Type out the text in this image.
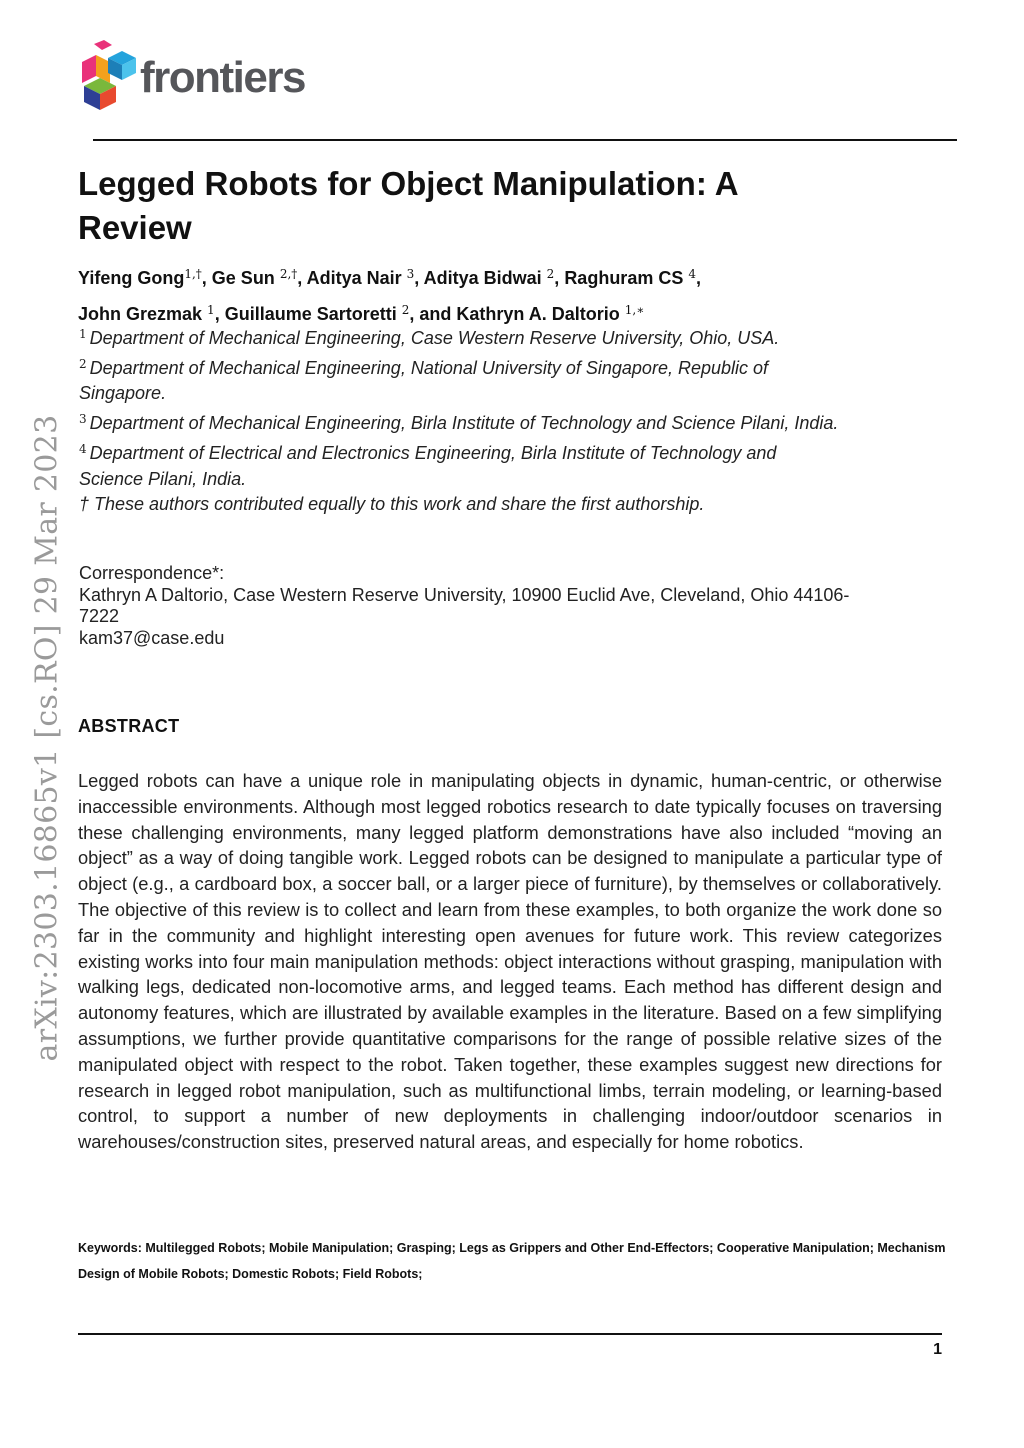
frontiers
Legged Robots for Object Manipulation: A Review
Yifeng Gong$^{1,\dagger}$, Ge Sun $^{2,\dagger}$, Aditya Nair $^3$, Aditya Bidwai $^2$, Raghuram CS $^4$,
John Grezmak $^1$, Guillaume Sartoretti $^2$, and Kathryn A. Daltorio $^{1,∗}$
$^1$ Department of Mechanical Engineering, Case Western Reserve University, Ohio, USA.
$^2$ Department of Mechanical Engineering, National University of Singapore, Republic of Singapore.
$^3$ Department of Mechanical Engineering, Birla Institute of Technology and Science Pilani, India.
$^4$ Department of Electrical and Electronics Engineering, Birla Institute of Technology and Science Pilani, India.
† These authors contributed equally to this work and share the first authorship.
Correspondence*:
Kathryn A Daltorio, Case Western Reserve University, 10900 Euclid Ave, Cleveland, Ohio 44106-7222
kam37@case.edu
arXiv:2303.16865v1 [cs.RO] 29 Mar 2023 ABSTRACT

Legged robots can have a unique role in manipulating objects in dynamic, human-centric, or otherwise inaccessible environments. Although most legged robotics research to date typically focuses on traversing these challenging environments, many legged platform demonstrations have also included “moving an object” as a way of doing tangible work. Legged robots can be designed to manipulate a particular type of object (e.g., a cardboard box, a soccer ball, or a larger piece of furniture), by themselves or collaboratively. The objective of this review is to collect and learn from these examples, to both organize the work done so far in the community and highlight interesting open avenues for future work. This review categorizes existing works into four main manipulation methods: object interactions without grasping, manipulation with walking legs, dedicated non-locomotive arms, and legged teams. Each method has different design and autonomy features, which are illustrated by available examples in the literature. Based on a few simplifying assumptions, we further provide quantitative comparisons for the range of possible relative sizes of the manipulated object with respect to the robot. Taken together, these examples suggest new directions for research in legged robot manipulation, such as multifunctional limbs, terrain modeling, or learning-based control, to support a number of new deployments in challenging indoor/outdoor scenarios in warehouses/construction sites, preserved natural areas, and especially for home robotics.

Keywords: Multilegged Robots; Mobile Manipulation; Grasping; Legs as Grippers and Other End-Effectors; Cooperative Manipulation; Mechanism Design of Mobile Robots; Domestic Robots; Field Robots;
1
